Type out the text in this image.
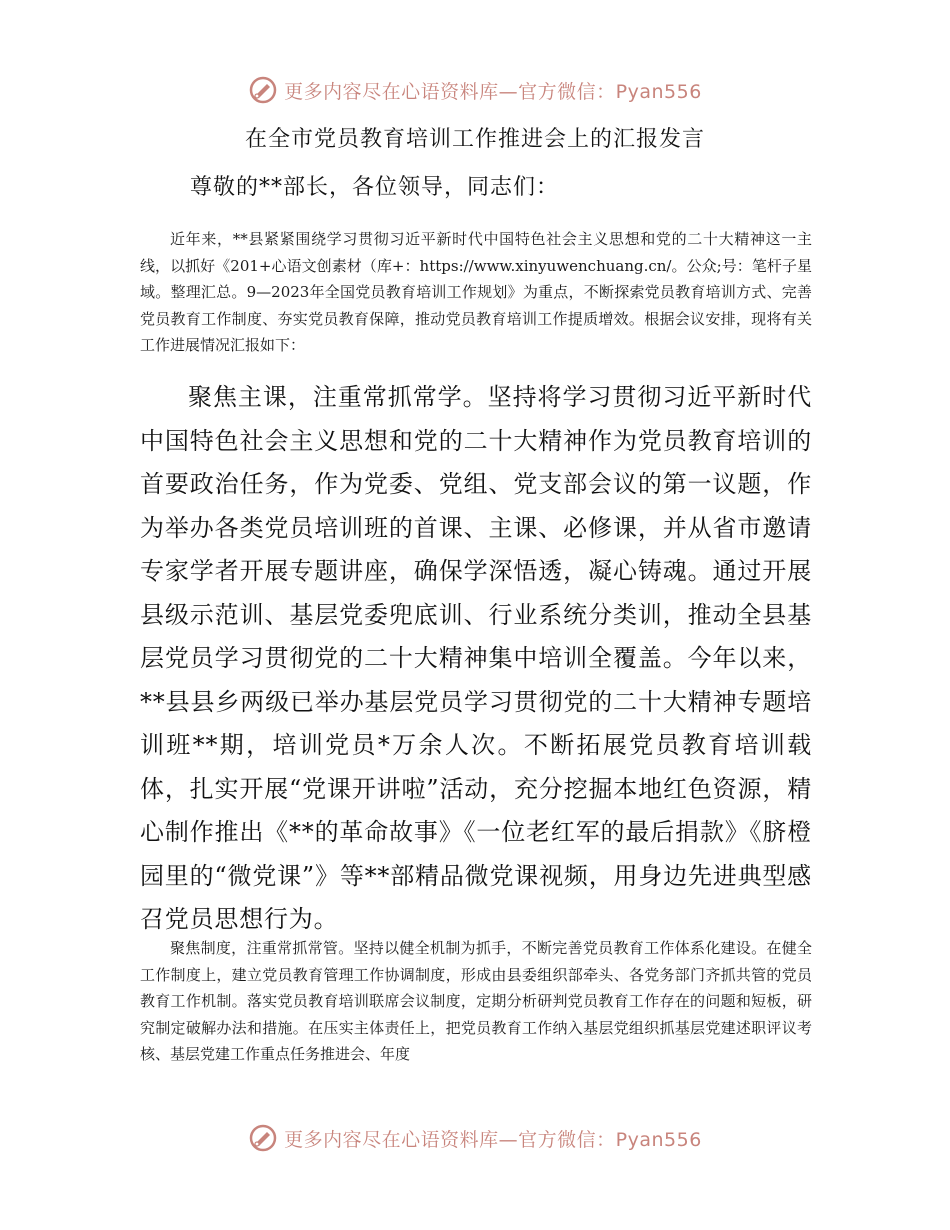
更多内容尽在心语资料库—官方微信：Pyan556
在全市党员教育培训工作推进会上的汇报发言
尊敬的**部长，各位领导，同志们：

近年来，**县紧紧围绕学习贯彻习近平新时代中国特色社会主义思想和党的二十大精神这一主线，以抓好《201+心语文创素材（库+：https://www.xinyuwenchuang.cn/。公众;号：笔杆子星域。整理汇总。9—2023年全国党员教育培训工作规划》为重点，不断探索党员教育培训方式、完善党员教育工作制度、夯实党员教育保障，推动党员教育培训工作提质增效。根据会议安排，现将有关工作进展情况汇报如下：

聚焦主课，注重常抓常学。坚持将学习贯彻习近平新时代中国特色社会主义思想和党的二十大精神作为党员教育培训的首要政治任务，作为党委、党组、党支部会议的第一议题，作为举办各类党员培训班的首课、主课、必修课，并从省市邀请专家学者开展专题讲座，确保学深悟透，凝心铸魂。通过开展县级示范训、基层党委兜底训、行业系统分类训，推动全县基层党员学习贯彻党的二十大精神集中培训全覆盖。今年以来，**县县乡两级已举办基层党员学习贯彻党的二十大精神专题培训班**期，培训党员*万余人次。不断拓展党员教育培训载体，扎实开展“党课开讲啦”活动，充分挖掘本地红色资源，精心制作推出《**的革命故事》《一位老红军的最后捐款》《脐橙园里的“微党课”》等**部精品微党课视频，用身边先进典型感召党员思想行为。

聚焦制度，注重常抓常管。坚持以健全机制为抓手，不断完善党员教育工作体系化建设。在健全工作制度上，建立党员教育管理工作协调制度，形成由县委组织部牵头、各党务部门齐抓共管的党员教育工作机制。落实党员教育培训联席会议制度，定期分析研判党员教育工作存在的问题和短板，研究制定破解办法和措施。在压实主体责任上，把党员教育工作纳入基层党组织抓基层党建述职评议考核、基层党建工作重点任务推进会、年度

更多内容尽在心语资料库—官方微信：Pyan556
